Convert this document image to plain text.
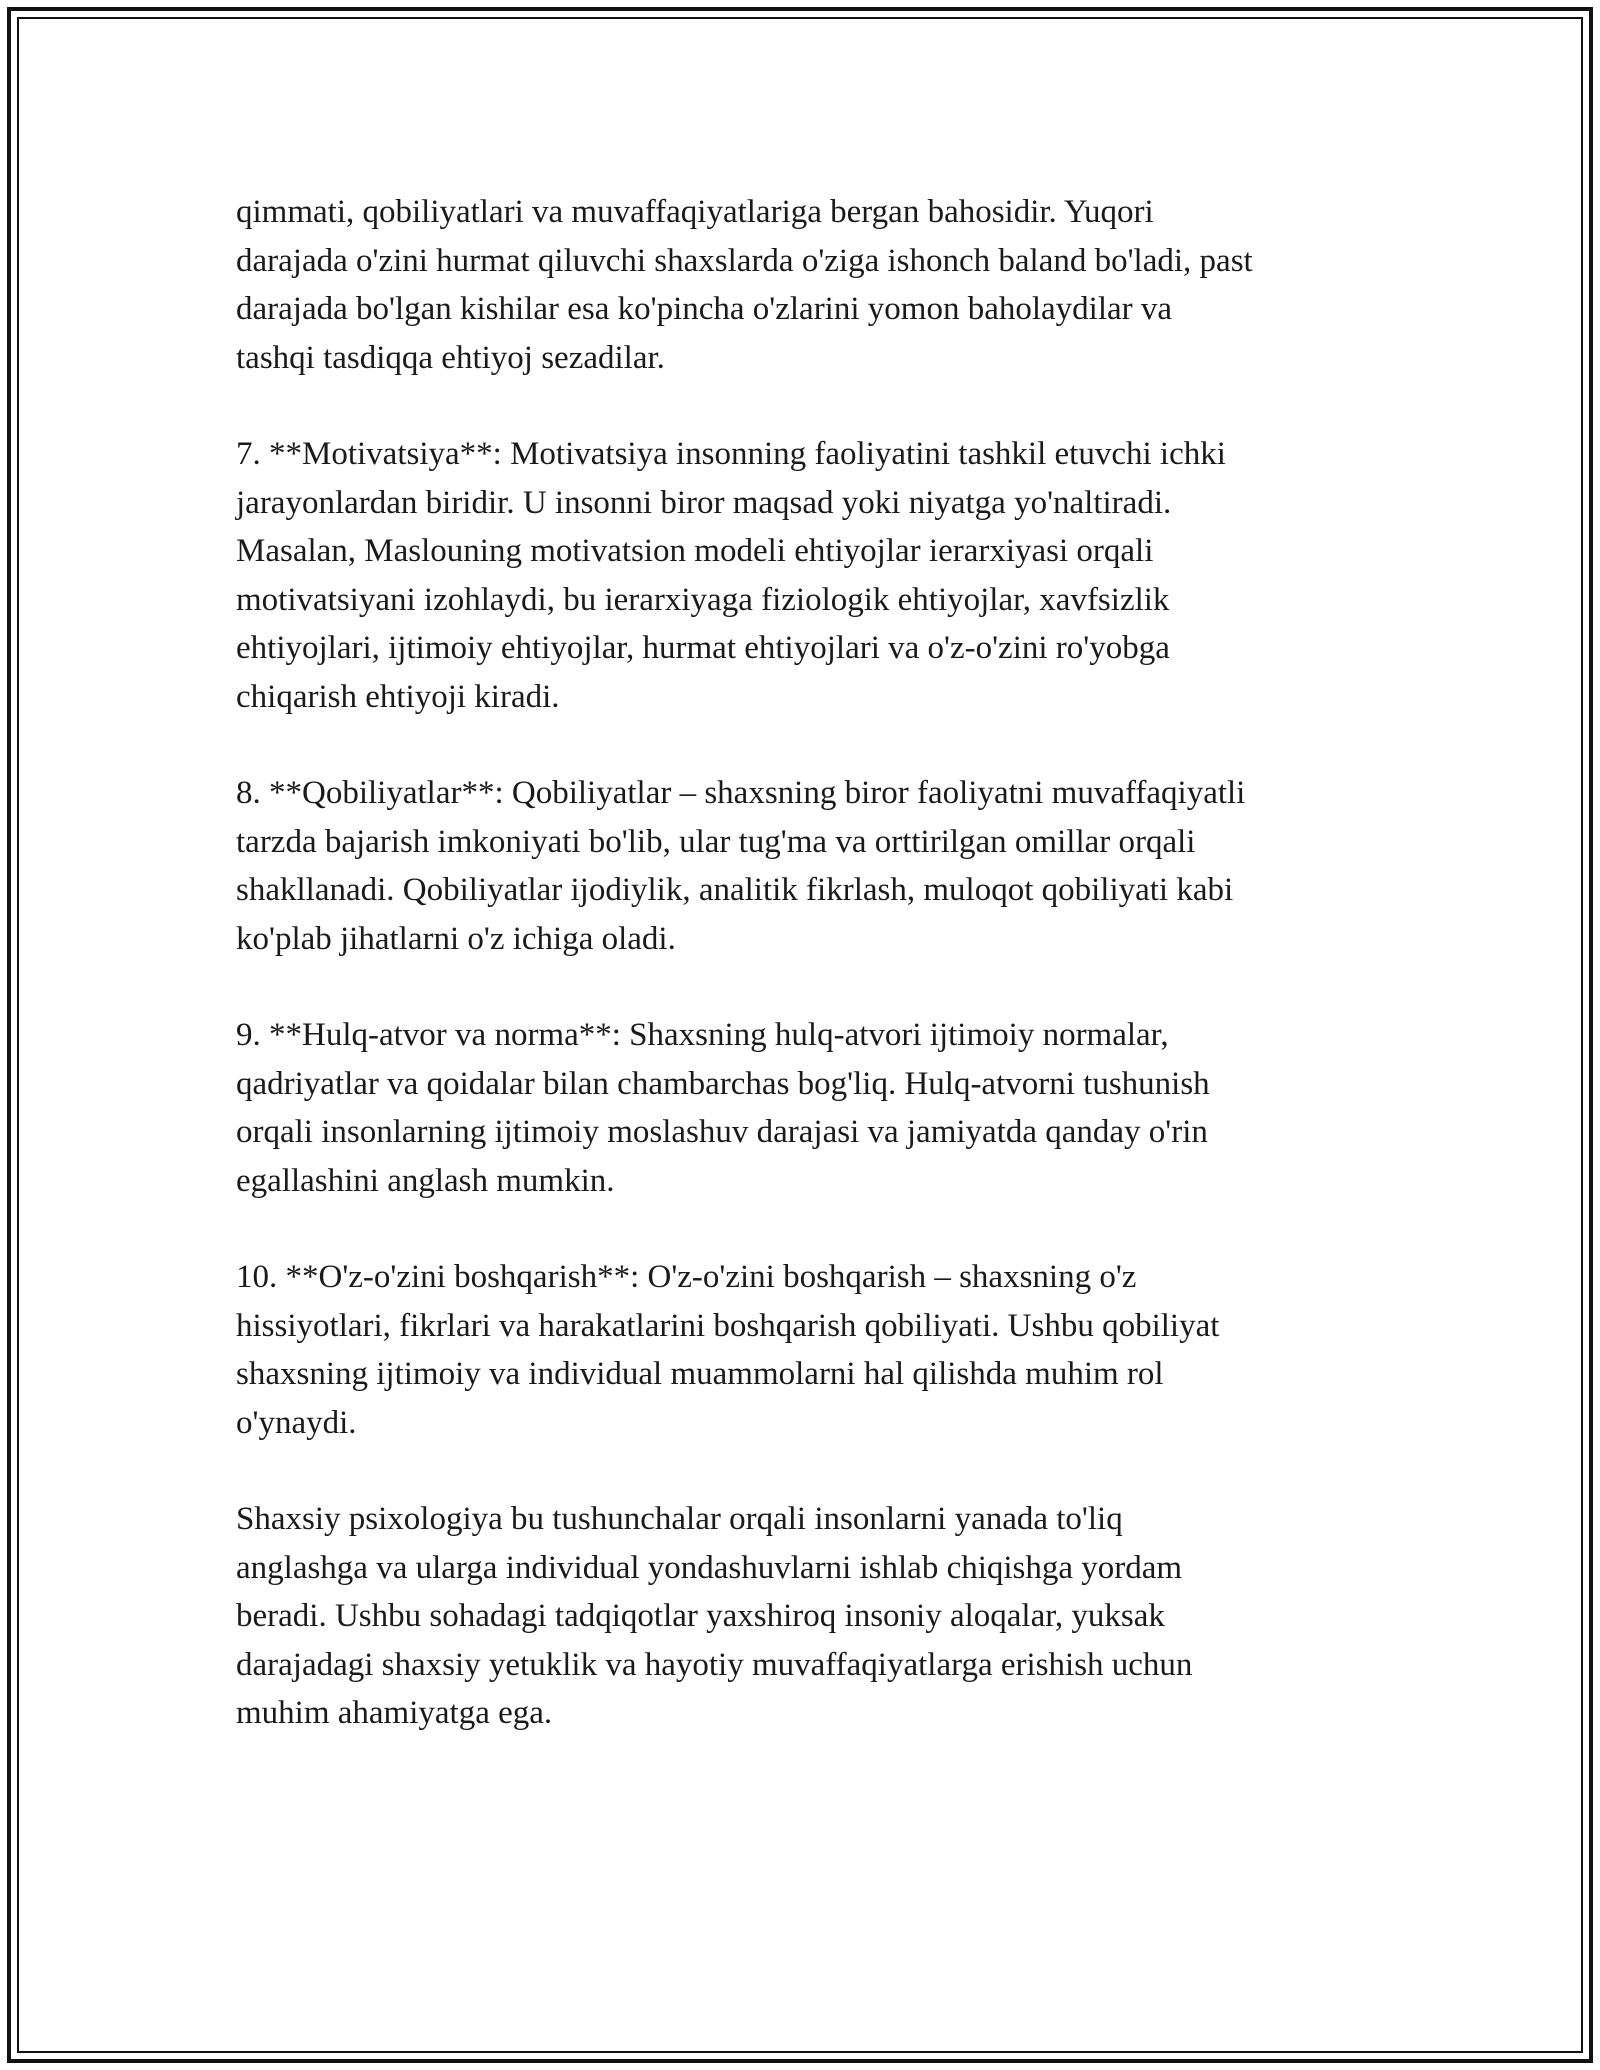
qimmati, qobiliyatlari va muvaffaqiyatlariga bergan bahosidir. Yuqori
darajada o'zini hurmat qiluvchi shaxslarda o'ziga ishonch baland bo'ladi, past
darajada bo'lgan kishilar esa ko'pincha o'zlarini yomon baholaydilar va
tashqi tasdiqqa ehtiyoj sezadilar.

7. **Motivatsiya**: Motivatsiya insonning faoliyatini tashkil etuvchi ichki
jarayonlardan biridir. U insonni biror maqsad yoki niyatga yo'naltiradi.
Masalan, Maslouning motivatsion modeli ehtiyojlar ierarxiyasi orqali
motivatsiyani izohlaydi, bu ierarxiyaga fiziologik ehtiyojlar, xavfsizlik
ehtiyojlari, ijtimoiy ehtiyojlar, hurmat ehtiyojlari va o'z-o'zini ro'yobga
chiqarish ehtiyoji kiradi.

8. **Qobiliyatlar**: Qobiliyatlar – shaxsning biror faoliyatni muvaffaqiyatli
tarzda bajarish imkoniyati bo'lib, ular tug'ma va orttirilgan omillar orqali
shakllanadi. Qobiliyatlar ijodiylik, analitik fikrlash, muloqot qobiliyati kabi
ko'plab jihatlarni o'z ichiga oladi.

9. **Hulq-atvor va norma**: Shaxsning hulq-atvori ijtimoiy normalar,
qadriyatlar va qoidalar bilan chambarchas bog'liq. Hulq-atvorni tushunish
orqali insonlarning ijtimoiy moslashuv darajasi va jamiyatda qanday o'rin
egallashini anglash mumkin.

10. **O'z-o'zini boshqarish**: O'z-o'zini boshqarish – shaxsning o'z
hissiyotlari, fikrlari va harakatlarini boshqarish qobiliyati. Ushbu qobiliyat
shaxsning ijtimoiy va individual muammolarni hal qilishda muhim rol
o'ynaydi.

Shaxsiy psixologiya bu tushunchalar orqali insonlarni yanada to'liq
anglashga va ularga individual yondashuvlarni ishlab chiqishga yordam
beradi. Ushbu sohadagi tadqiqotlar yaxshiroq insoniy aloqalar, yuksak
darajadagi shaxsiy yetuklik va hayotiy muvaffaqiyatlarga erishish uchun
muhim ahamiyatga ega.
